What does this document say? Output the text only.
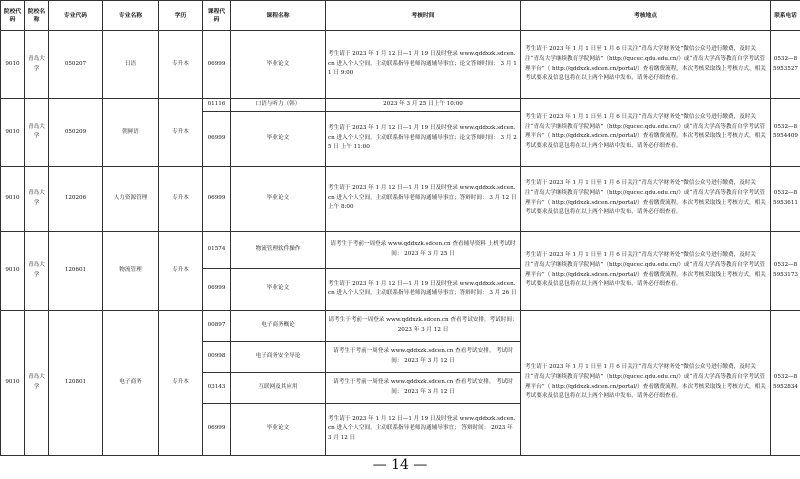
院校代码	院校名称	专业代码	专业名称	学历	课程代码	课程名称	考核时间	考核地点	联系电话
9010	青岛大学	050207	日语	专升本	06999	毕业论文	考生请于 2023 年 1 月 12 日—1 月 19 日及时登录 www.qddxzk.sdcen.cn 进入个人空间，主动联系指导老师沟通辅导事宜；论文答辩时间： 3 月 11 日 9:00	考生请于 2023 年 1 月 1 日至 1 月 6 日关注“青岛大学财务处”微信公众号进行缴费，及时关注“青岛大学继续教育学院网站”（http://qucec.qdu.edu.cn/）或“青岛大学高等教育自学考试管理平台”（ http://qddxzk.sdcen.cn/portal/）查看缴费流程。本次考核采取线上考核方式，相关考试要求及信息包将在以上两个网站中发布，请务必仔细查看。	0532—85953527
9010	青岛大学	050209	朝鲜语	专升本	01116	口语与听力（韩）	2023 年 3 月 25 日上午 10:00	考生请于 2023 年 1 月 1 日至 1 月 6 日关注“青岛大学财务处”微信公众号进行缴费，及时关注“青岛大学继续教育学院网站”（http://qucec.qdu.edu.cn/）或“青岛大学高等教育自学考试管理平台”（ http://qddxzk.sdcen.cn/portal/）查看缴费流程。本次考核采取线上考核方式，相关考试要求及信息包将在以上两个网站中发布，请务必仔细查看。	0532—85954409
					06999	毕业论文	考生请于 2023 年 1 月 12 日—1 月 19 日及时登录 www.qddxzk.sdcen.cn 进入个人空间，主动联系指导老师沟通辅导事宜；论文答辩时间： 3 月 25 日 上午 11:00		
9010	青岛大学	120206	人力资源管理	专升本	06999	毕业论文	考生请于 2023 年 1 月 12 日—1 月 19 日及时登录 www.qddxzk.sdcen.cn 进入个人空间，主动联系指导老师沟通辅导事宜；答辩时间： 3 月 12 日 上午 8:00	考生请于 2023 年 1 月 1 日至 1 月 6 日关注“青岛大学财务处”微信公众号进行缴费，及时关注“青岛大学继续教育学院网站”（http://qucec.qdu.edu.cn/）或“青岛大学高等教育自学考试管理平台”（ http://qddxzk.sdcen.cn/portal/）查看缴费流程。本次考核采取线上考核方式，相关考试要求及信息包将在以上两个网站中发布，请务必仔细查看。	0532—85953611
9010	青岛大学	120601	物流管理	专升本	01574	物流管理软件操作	请考生于考前一周登录 www.qddxzk.sdcen.cn 查看辅导资料 上机考试时间： 2023 年 3 月 25 日	考生请于 2023 年 1 月 1 日至 1 月 6 日关注“青岛大学财务处”微信公众号进行缴费，及时关注“青岛大学继续教育学院网站”（http://qucec.qdu.edu.cn/）或“青岛大学高等教育自学考试管理平台”（ http://qddxzk.sdcen.cn/portal/）查看缴费流程。本次考核采取线上考核方式，相关考试要求及信息包将在以上两个网站中发布，请务必仔细查看。	0532—85953173
					06999	毕业论文	考生请于 2023 年 1 月 12 日—1 月 19 日及时登录 www.qddxzk.sdcen.cn 进入个人空间，主动联系指导老师沟通辅导事宜；答辩时间： 3 月 26 日		
9010	青岛大学	120801	电子商务	专升本	00897	电子商务概论	请考生于考前一周登录 www.qddxzk.sdcen.cn 查看考试安排。考试时间： 2023 年 3 月 12 日	考生请于 2023 年 1 月 1 日至 1 月 6 日关注“青岛大学财务处”微信公众号进行缴费，及时关注“青岛大学继续教育学院网站”（http://qucec.qdu.edu.cn/）或“青岛大学高等教育自学考试管理平台”（ http://qddxzk.sdcen.cn/portal/）查看缴费流程。本次考核采取线上考核方式，相关考试要求及信息包将在以上两个网站中发布，请务必仔细查看。	0532—85952834
					00998	电子商务安全导论	请考生于考前一周登录 www.qddxzk.sdcen.cn 查看考试安排。 考试时间： 2023 年 3 月 12 日		
					03143	互联网及其应用	请考生于考前一周登录 www.qddxzk.sdcen.cn 查看考试安排。 考试时间： 2023 年 3 月 12 日		
					06999	毕业论文	考生请于 2023 年 1 月 12 日—1 月 19 日及时登录 www.qddxzk.sdcen.cn 进入个人空间，主动联系指导老师沟通辅导事宜； 答辩时间： 2023 年 3 月 12 日		
— 14 —
